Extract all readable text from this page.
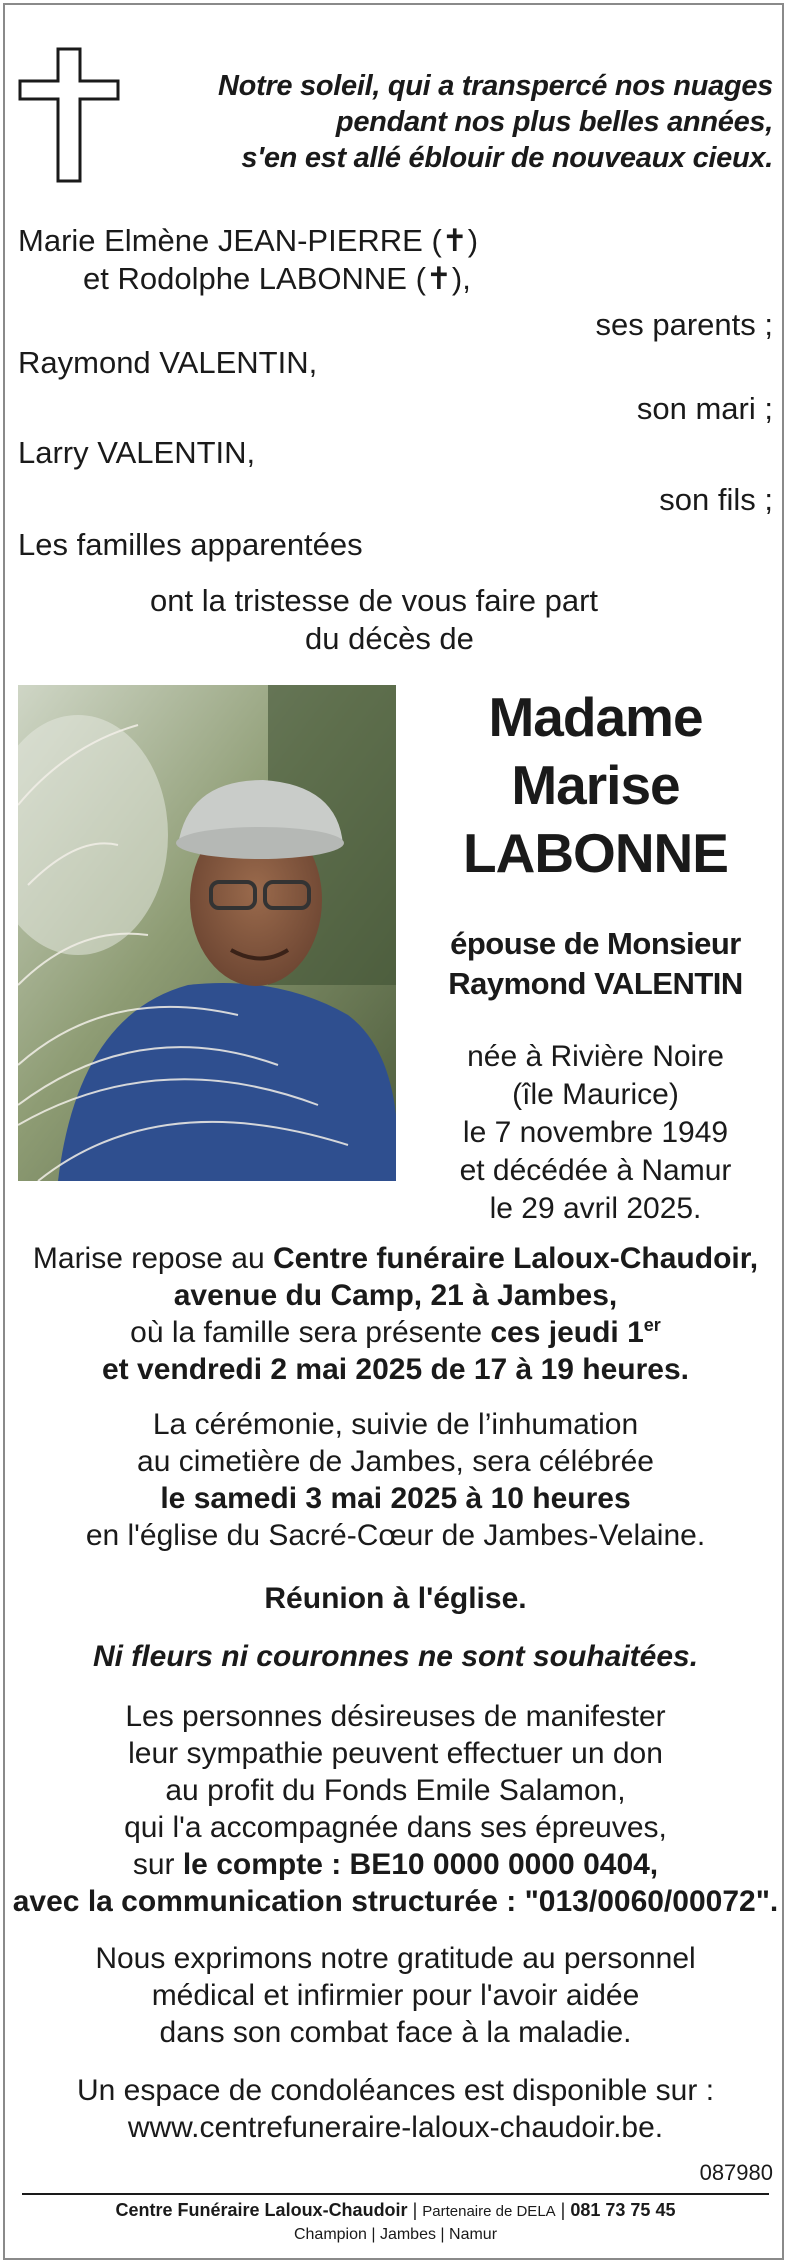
Notre soleil, qui a transpercé nos nuages
pendant nos plus belles années,
s'en est allé éblouir de nouveaux cieux.
Marie Elmène JEAN-PIERRE (✝)
et Rodolphe LABONNE (✝),
ses parents ;
Raymond VALENTIN,
son mari ;
Larry VALENTIN,
son fils ;
Les familles apparentées
ont la tristesse de vous faire part
du décès de
Madame
Marise
LABONNE
épouse de Monsieur
Raymond VALENTIN
née à Rivière Noire
(île Maurice)
le 7 novembre 1949
et décédée à Namur
le 29 avril 2025.
Marise repose au Centre funéraire Laloux-Chaudoir,
avenue du Camp, 21 à Jambes,
où la famille sera présente ces jeudi 1er
et vendredi 2 mai 2025 de 17 à 19 heures.
La cérémonie, suivie de l’inhumation
au cimetière de Jambes, sera célébrée
le samedi 3 mai 2025 à 10 heures
en l'église du Sacré-Cœur de Jambes-Velaine.
Réunion à l'église.
Ni fleurs ni couronnes ne sont souhaitées.
Les personnes désireuses de manifester
leur sympathie peuvent effectuer un don
au profit du Fonds Emile Salamon,
qui l'a accompagnée dans ses épreuves,
sur le compte : BE10 0000 0000 0404,
avec la communication structurée : "013/0060/00072".
Nous exprimons notre gratitude au personnel
médical et infirmier pour l'avoir aidée
dans son combat face à la maladie.
Un espace de condoléances est disponible sur :
www.centrefuneraire-laloux-chaudoir.be.
087980
Centre Funéraire Laloux-Chaudoir | Partenaire de DELA | 081 73 75 45
Champion | Jambes | Namur
